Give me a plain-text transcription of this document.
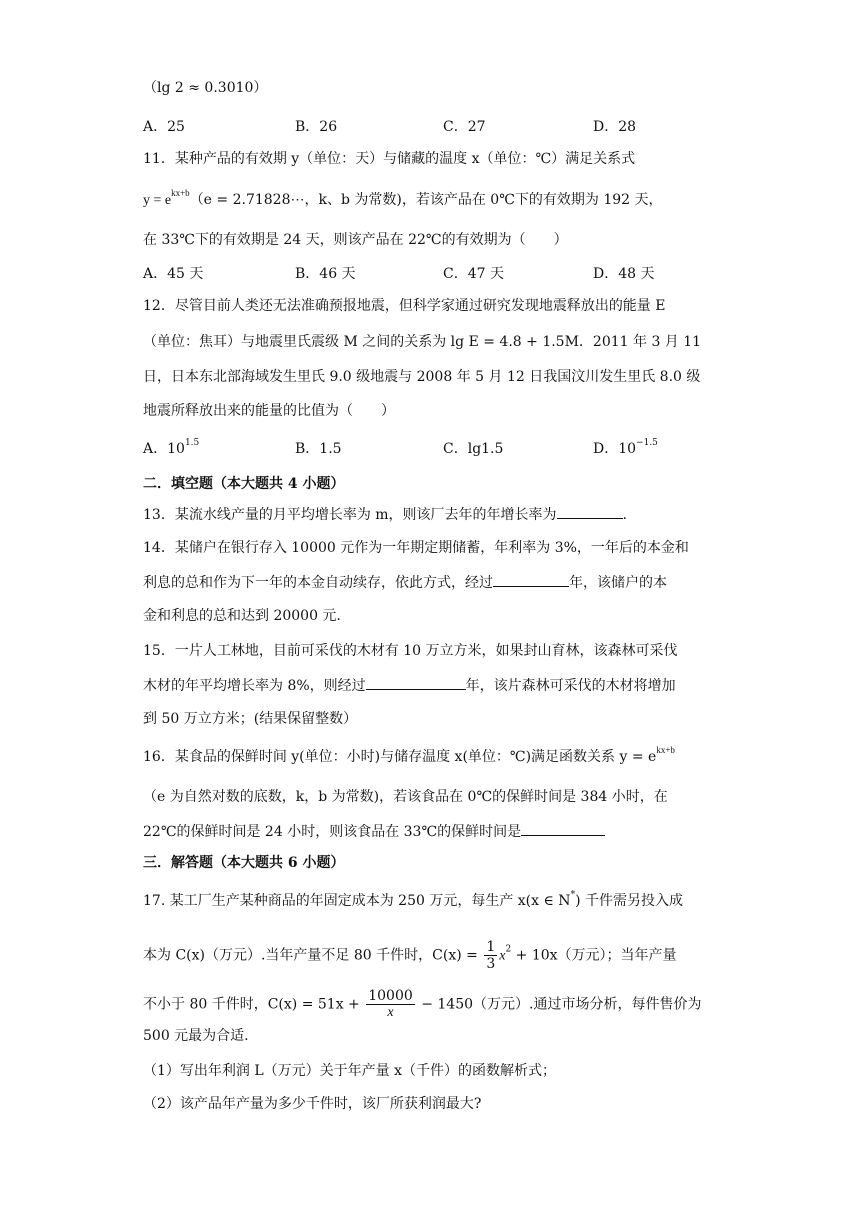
（lg 2 ≈ 0.3010）
A．25	B．26	C．27	D．28
11．某种产品的有效期 y（单位：天）与储藏的温度 x（单位：℃）满足关系式
$y = e^{kx+b}(e$ = 2.71828⋯，k、b 为常数)，若该产品在 0℃下的有效期为 192 天，
在 33℃下的有效期是 24 天，则该产品在 22℃的有效期为（　　）
A．45 天	B．46 天	C．47 天	D．48 天
12．尽管目前人类还无法准确预报地震，但科学家通过研究发现地震释放出的能量 E
（单位：焦耳）与地震里氏震级 M 之间的关系为 lg E = 4.8 + 1.5M．2011 年 3 月 11
日，日本东北部海域发生里氏 9.0 级地震与 2008 年 5 月 12 日我国汶川发生里氏 8.0 级
地震所释放出来的能量的比值为（　　）
A．$10^{1.5}$	B．1.5	C．lg1.5	D．$10^{-1.5}$
二．填空题（本大题共 4 小题）
13．某流水线产量的月平均增长率为 m，则该厂去年的年增长率为	.
14．某储户在银行存入 10000 元作为一年期定期储蓄，年利率为 3%，一年后的本金和
利息的总和作为下一年的本金自动续存，依此方式，经过	年，该储户的本
金和利息的总和达到 20000 元.
15．一片人工林地，目前可采伐的木材有 10 万立方米，如果封山育林，该森林可采伐
木材的年平均增长率为 8%，则经过	年，该片森林可采伐的木材将增加
到 50 万立方米；(结果保留整数）
16．某食品的保鲜时间 y(单位：小时)与储存温度 x(单位：℃)满足函数关系 $y = e^{kx+b}$
（e 为自然对数的底数，k，b 为常数)，若该食品在 0℃的保鲜时间是 384 小时，在
22℃的保鲜时间是 24 小时，则该食品在 33℃的保鲜时间是
三．解答题（本大题共 6 小题）
17. 某工厂生产某种商品的年固定成本为 250 万元，每生产 x(x ∈ N*) 千件需另投入成
本为 C(x)（万元）.当年产量不足 80 千件时，$C(x) = \frac{1}{3} x^2 + 10x$（万元）；当年产量
不小于 80 千件时，$C(x) = 51x + \frac{10000}{x} - 1450$（万元）.通过市场分析，每件售价为
500 元最为合适.
（1）写出年利润 L（万元）关于年产量 x（千件）的函数解析式；
（2）该产品年产量为多少千件时，该厂所获利润最大?
